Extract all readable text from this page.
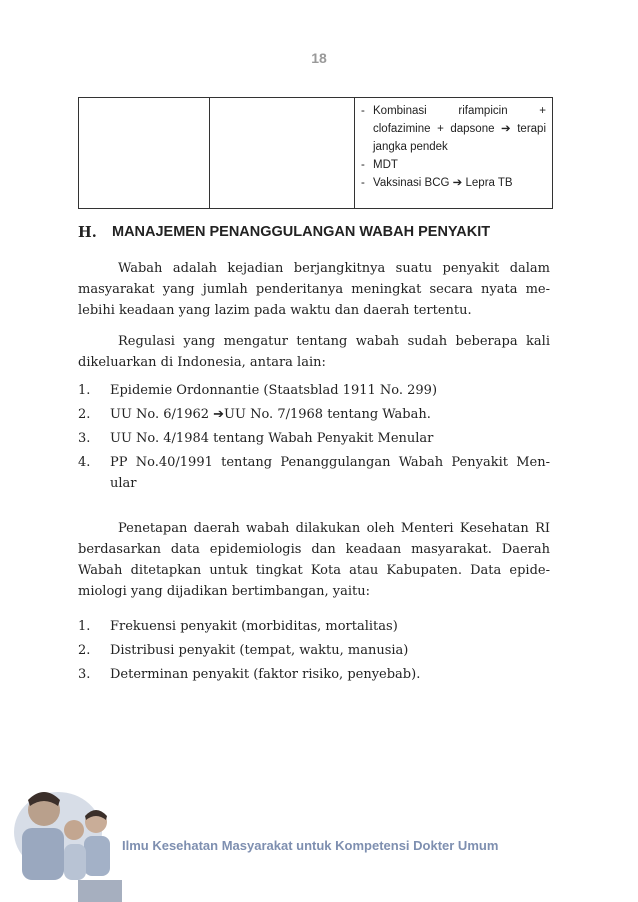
18

- Kombinasi rifampicin + clofazimine + dapsone ➔ terapi jangka pendek
- MDT
- Vaksinasi BCG ➔ Lepra TB
H.	MANAJEMEN PENANGGULANGAN WABAH PENYAKIT

Wabah adalah kejadian berjangkitnya suatu penyakit dalam masyarakat yang jumlah penderitanya meningkat secara nyata me-lebihi keadaan yang lazim pada waktu dan daerah tertentu.

Regulasi yang mengatur tentang wabah sudah beberapa kali dikeluarkan di Indonesia, antara lain:

1.	Epidemie Ordonnantie (Staatsblad 1911 No. 299)
2.	UU No. 6/1962 ➔UU No. 7/1968 tentang Wabah.
3.	UU No. 4/1984 tentang Wabah Penyakit Menular
4.	PP No.40/1991 tentang Penanggulangan Wabah Penyakit Men-ular

Penetapan daerah wabah dilakukan oleh Menteri Kesehatan RI berdasarkan data epidemiologis dan keadaan masyarakat. Daerah Wabah ditetapkan untuk tingkat Kota atau Kabupaten. Data epide-miologi yang dijadikan bertimbangan, yaitu:

1.	Frekuensi penyakit (morbiditas, mortalitas)
2.	Distribusi penyakit (tempat, waktu, manusia)
3.	Determinan penyakit (faktor risiko, penyebab).
Ilmu Kesehatan Masyarakat untuk Kompetensi Dokter Umum
